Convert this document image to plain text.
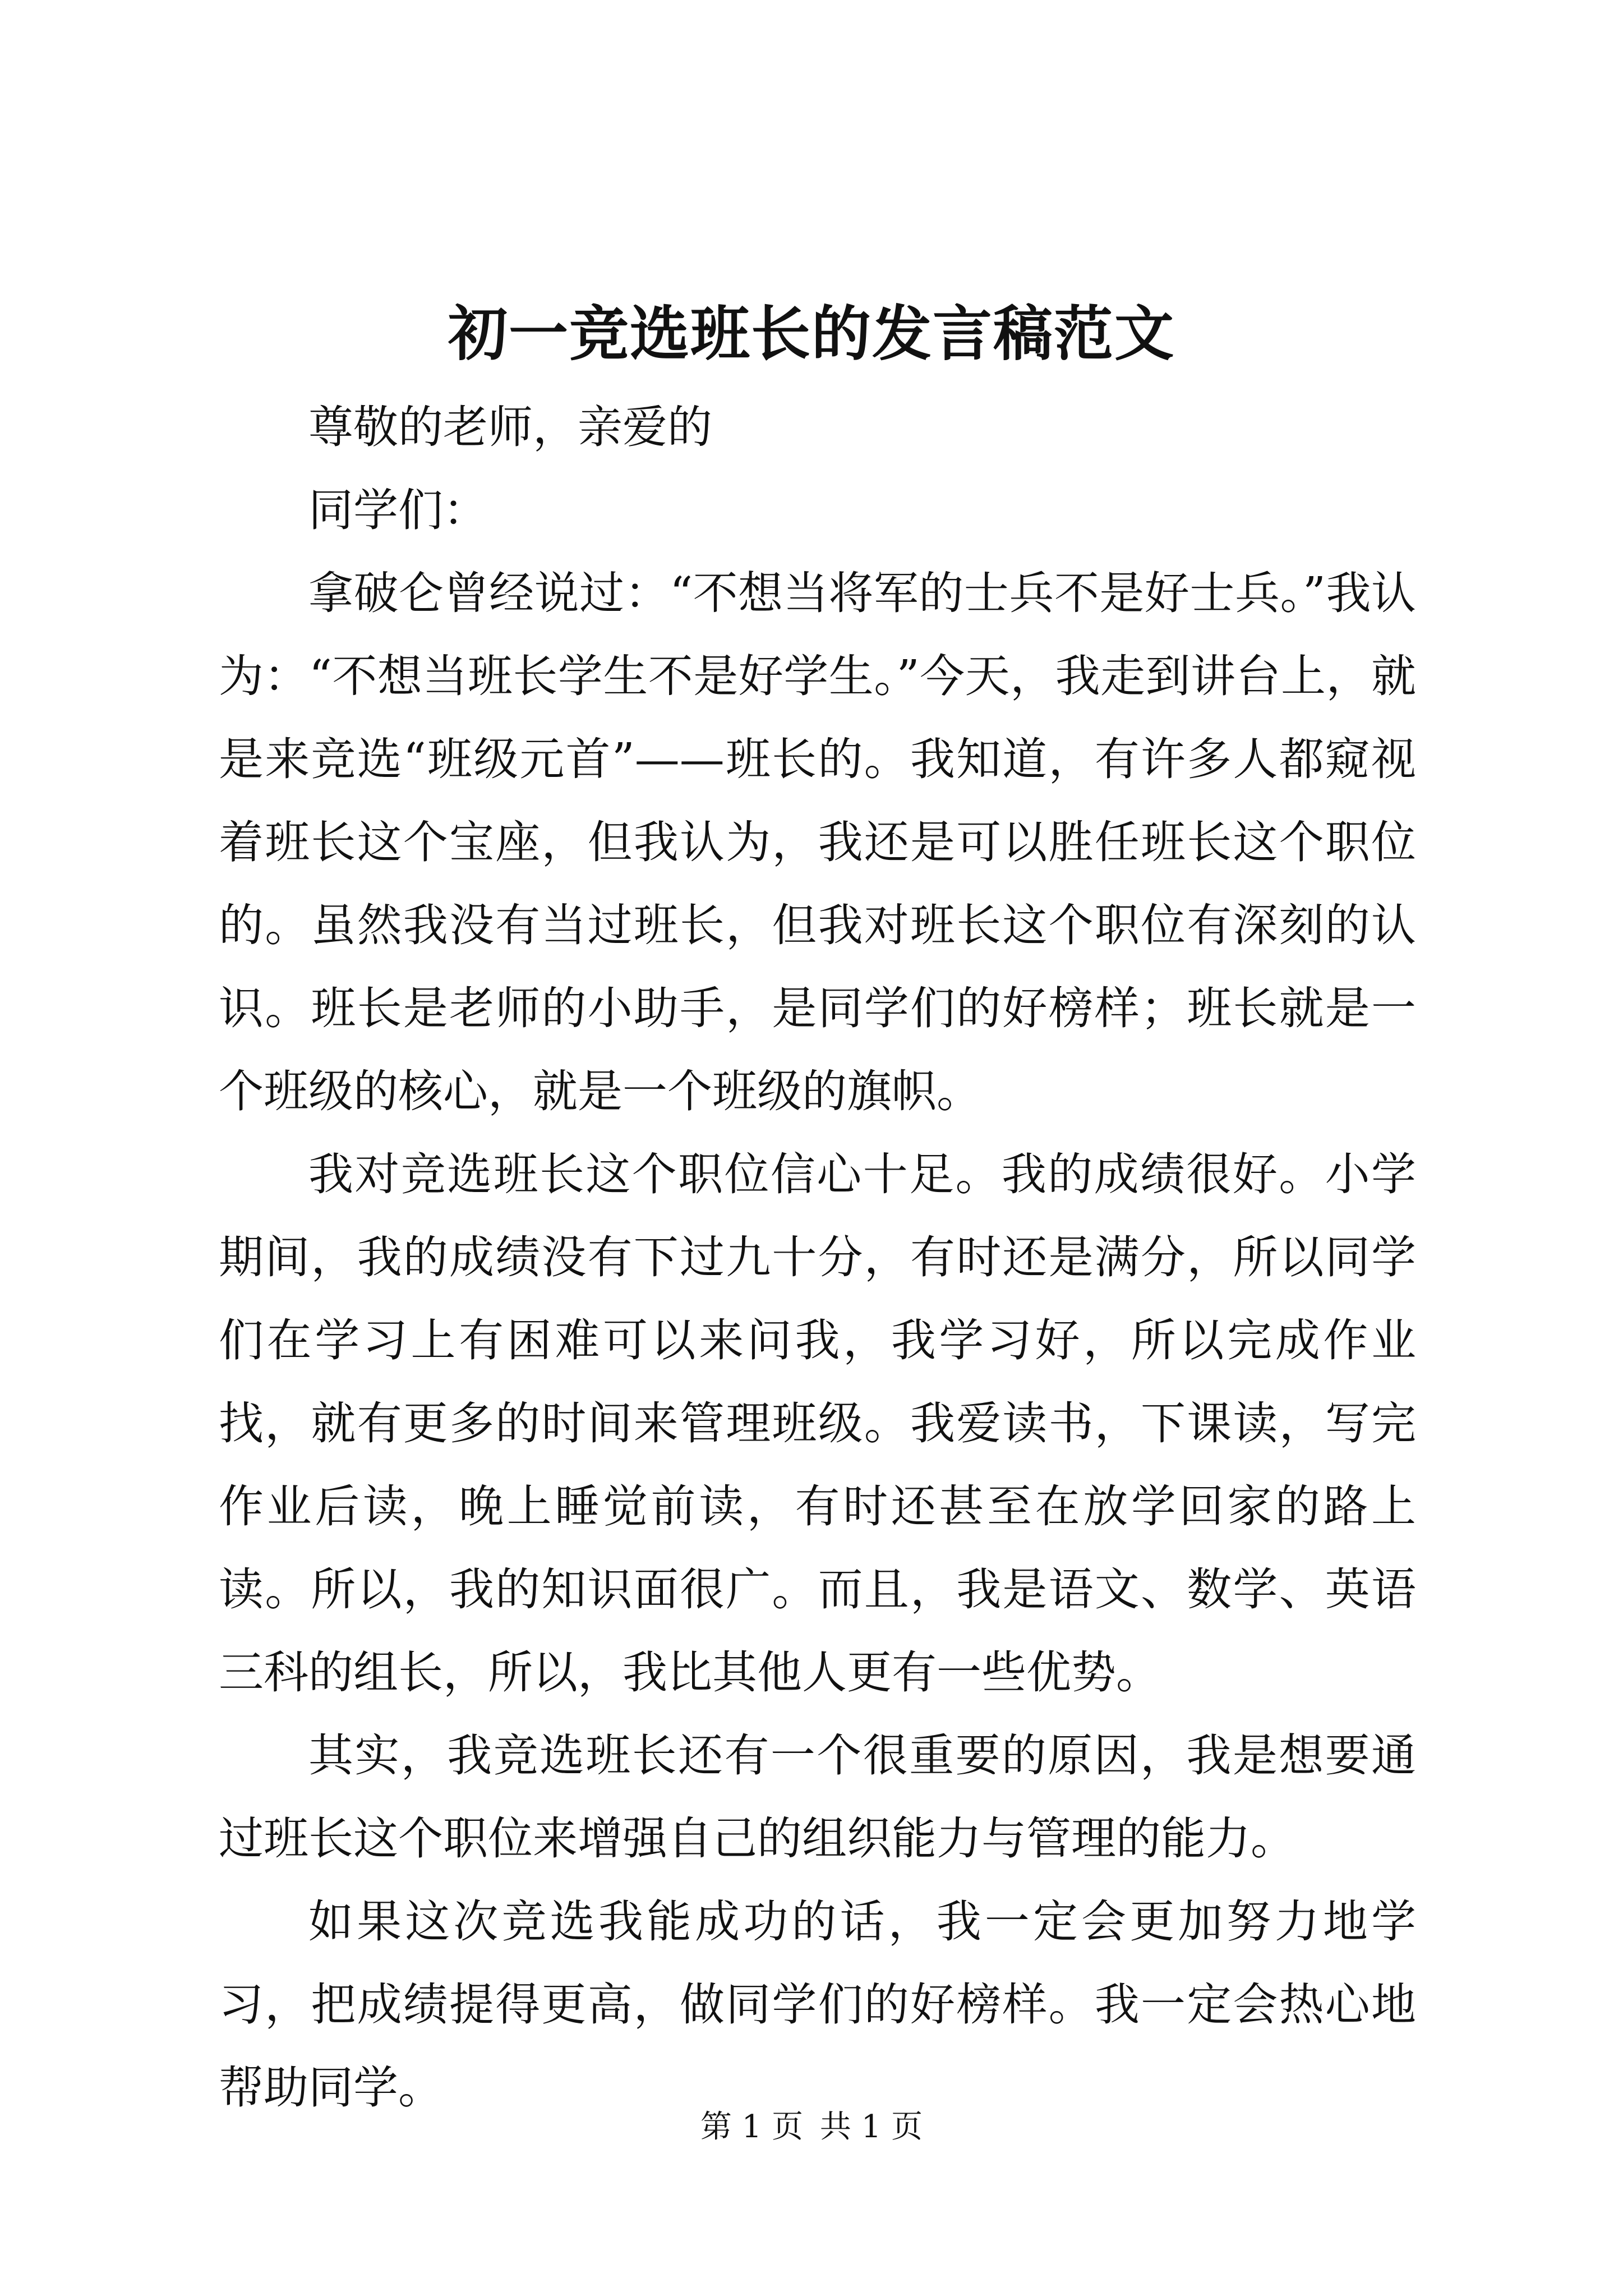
初一竞选班长的发言稿范文

尊敬的老师，亲爱的

同学们：

拿破仑曾经说过：“不想当将军的士兵不是好士兵。”我认为：“不想当班长学生不是好学生。”今天，我走到讲台上，就是来竞选“班级元首”——班长的。我知道，有许多人都窥视着班长这个宝座，但我认为，我还是可以胜任班长这个职位的。虽然我没有当过班长，但我对班长这个职位有深刻的认识。班长是老师的小助手，是同学们的好榜样；班长就是一个班级的核心，就是一个班级的旗帜。

我对竞选班长这个职位信心十足。我的成绩很好。小学期间，我的成绩没有下过九十分，有时还是满分，所以同学们在学习上有困难可以来问我，我学习好，所以完成作业找，就有更多的时间来管理班级。我爱读书，下课读，写完作业后读，晚上睡觉前读，有时还甚至在放学回家的路上读。所以，我的知识面很广。而且，我是语文、数学、英语三科的组长，所以，我比其他人更有一些优势。

其实，我竞选班长还有一个很重要的原因，我是想要通过班长这个职位来增强自己的组织能力与管理的能力。

如果这次竞选我能成功的话，我一定会更加努力地学习，把成绩提得更高，做同学们的好榜样。我一定会热心地帮助同学。

第 1 页 共 1 页
